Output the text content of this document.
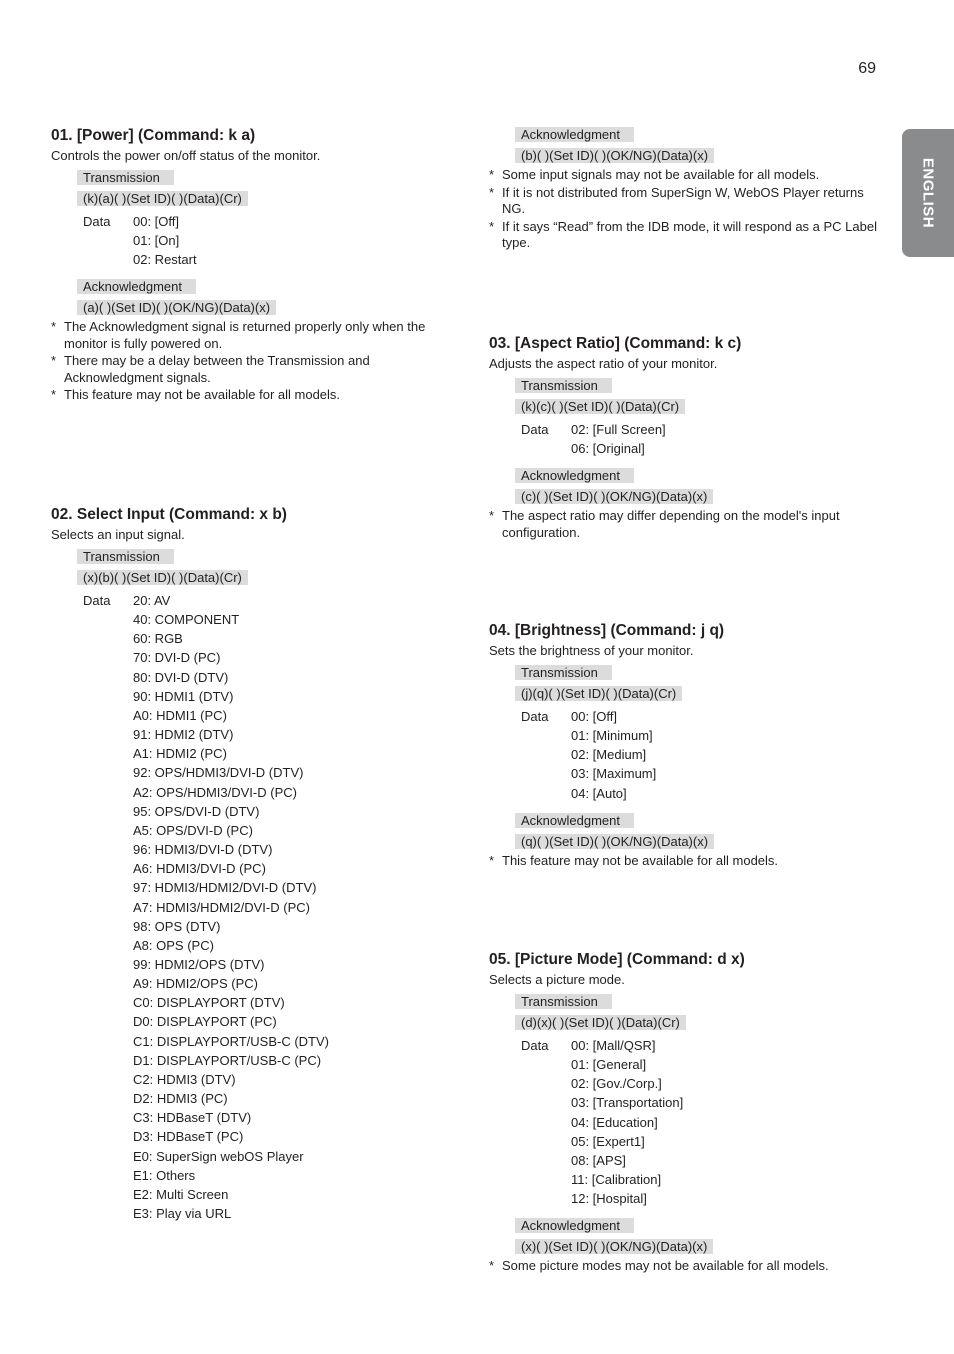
69
ENGLISH

01. [Power] (Command: k a)

Controls the power on/off status of the monitor.

Transmission
(k)(a)( )(Set ID)( )(Data)(Cr)
Data	00: [Off]
01: [On]
02: Restart
Acknowledgment
(a)( )(Set ID)( )(OK/NG)(Data)(x)
* The Acknowledgment signal is returned properly only when the monitor is fully powered on.
* There may be a delay between the Transmission and Acknowledgment signals.
* This feature may not be available for all models.

02. Select Input (Command: x b)

Selects an input signal.

Transmission
(x)(b)( )(Set ID)( )(Data)(Cr)
Data	20: AV
40: COMPONENT
60: RGB
70: DVI-D (PC)
80: DVI-D (DTV)
90: HDMI1 (DTV)
A0: HDMI1 (PC)
91: HDMI2 (DTV)
A1: HDMI2 (PC)
92: OPS/HDMI3/DVI-D (DTV)
A2: OPS/HDMI3/DVI-D (PC)
95: OPS/DVI-D (DTV)
A5: OPS/DVI-D (PC)
96: HDMI3/DVI-D (DTV)
A6: HDMI3/DVI-D (PC)
97: HDMI3/HDMI2/DVI-D (DTV)
A7: HDMI3/HDMI2/DVI-D (PC)
98: OPS (DTV)
A8: OPS (PC)
99: HDMI2/OPS (DTV)
A9: HDMI2/OPS (PC)
C0: DISPLAYPORT (DTV)
D0: DISPLAYPORT (PC)
C1: DISPLAYPORT/USB-C (DTV)
D1: DISPLAYPORT/USB-C (PC)
C2: HDMI3 (DTV)
D2: HDMI3 (PC)
C3: HDBaseT (DTV)
D3: HDBaseT (PC)
E0: SuperSign webOS Player
E1: Others
E2: Multi Screen
E3: Play via URL
Acknowledgment
(b)( )(Set ID)( )(OK/NG)(Data)(x)
* Some input signals may not be available for all models.
* If it is not distributed from SuperSign W, WebOS Player returns NG.
* If it says “Read” from the IDB mode, it will respond as a PC Label type.

03. [Aspect Ratio] (Command: k c)

Adjusts the aspect ratio of your monitor.

Transmission
(k)(c)( )(Set ID)( )(Data)(Cr)
Data	02: [Full Screen]
06: [Original]
Acknowledgment
(c)( )(Set ID)( )(OK/NG)(Data)(x)
* The aspect ratio may differ depending on the model's input configuration.

04. [Brightness] (Command: j q)

Sets the brightness of your monitor.

Transmission
(j)(q)( )(Set ID)( )(Data)(Cr)
Data	00: [Off]
01: [Minimum]
02: [Medium]
03: [Maximum]
04: [Auto]
Acknowledgment
(q)( )(Set ID)( )(OK/NG)(Data)(x)
* This feature may not be available for all models.

05. [Picture Mode] (Command: d x)

Selects a picture mode.

Transmission
(d)(x)( )(Set ID)( )(Data)(Cr)
Data	00: [Mall/QSR]
01: [General]
02: [Gov./Corp.]
03: [Transportation]
04: [Education]
05: [Expert1]
08: [APS]
11: [Calibration]
12: [Hospital]
Acknowledgment
(x)( )(Set ID)( )(OK/NG)(Data)(x)
* Some picture modes may not be available for all models.
